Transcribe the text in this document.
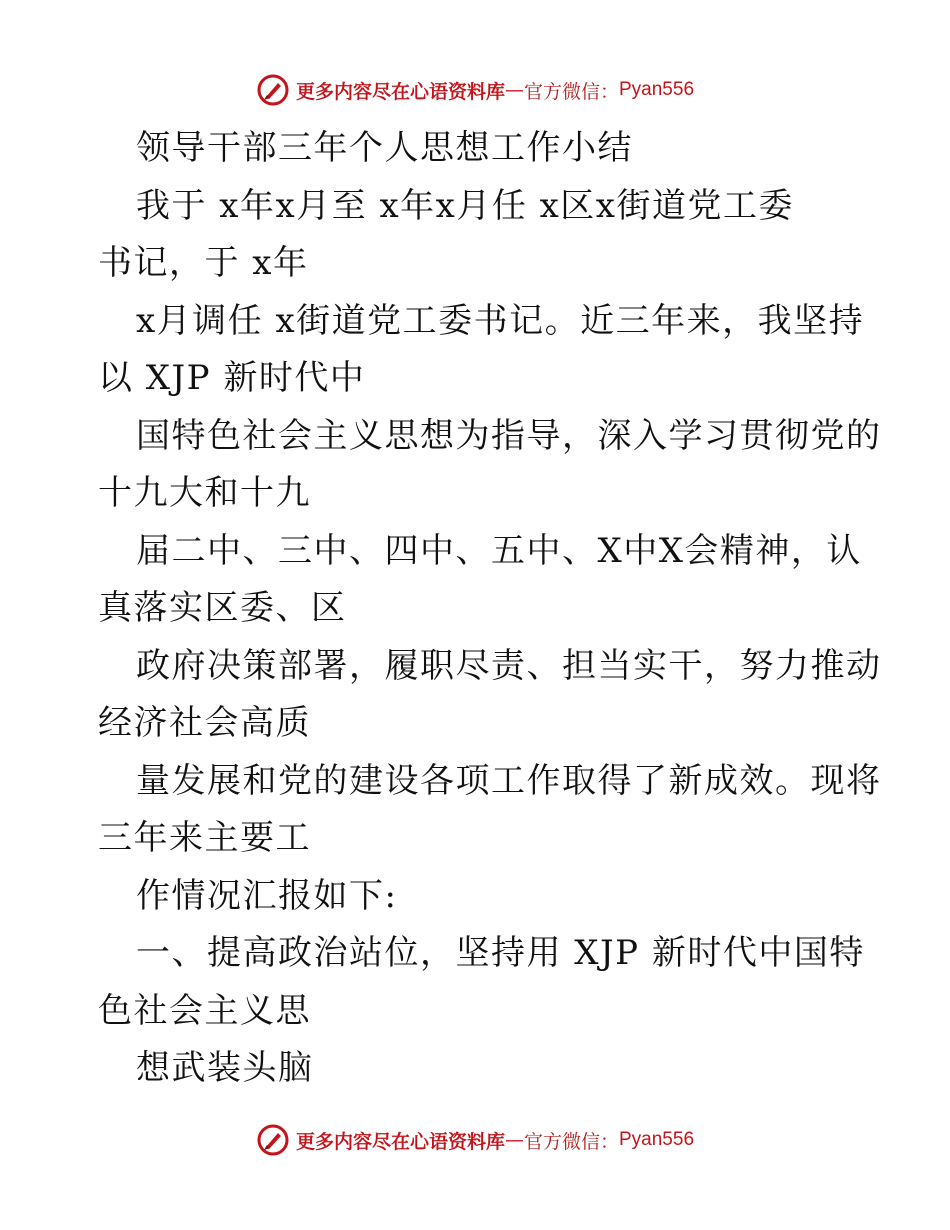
更多内容尽在心语资料库 — 官方微信： Pyan556
领导干部三年个人思想工作小结
我于 x年x月至 x年x月任 x区x街道党工委
书记，于 x年
x月调任 x街道党工委书记。近三年来，我坚持
以 XJP 新时代中
国特色社会主义思想为指导，深入学习贯彻党的
十九大和十九
届二中、三中、四中、五中、X中X会精神，认
真落实区委、区
政府决策部署，履职尽责、担当实干，努力推动
经济社会高质
量发展和党的建设各项工作取得了新成效。现将
三年来主要工
作情况汇报如下:
一、提高政治站位，坚持用 XJP 新时代中国特
色社会主义思
想武装头脑
更多内容尽在心语资料库 — 官方微信： Pyan556
